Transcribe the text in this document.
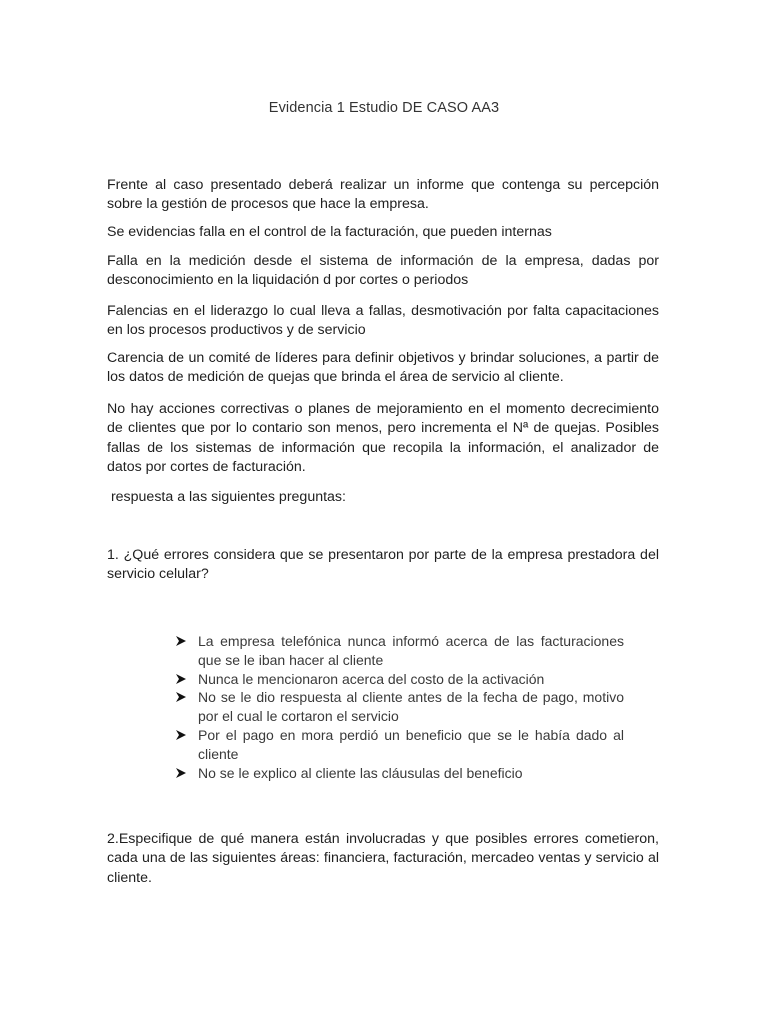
Evidencia 1 Estudio DE CASO AA3
Frente al caso presentado deberá realizar un informe que contenga su percepción sobre la gestión de procesos que hace la empresa.
Se evidencias falla en el control de la facturación, que pueden internas
Falla en la medición desde el sistema de información de la empresa, dadas por desconocimiento en la liquidación d por cortes o periodos
Falencias en el liderazgo lo cual lleva a fallas, desmotivación por falta capacitaciones en los procesos productivos y de servicio
Carencia de un comité de líderes para definir objetivos y brindar soluciones, a partir de los datos de medición de quejas que brinda el área de servicio al cliente.
No hay acciones correctivas o planes de mejoramiento en el momento decrecimiento de clientes que por lo contario son menos, pero incrementa el Nª de quejas. Posibles fallas de los sistemas de información que recopila la información, el analizador de datos por cortes de facturación.
respuesta a las siguientes preguntas:
1. ¿Qué errores considera que se presentaron por parte de la empresa prestadora del servicio celular?
La empresa telefónica nunca informó acerca de las facturaciones que se le iban hacer al cliente
Nunca le mencionaron acerca del costo de la activación
No se le dio respuesta al cliente antes de la fecha de pago, motivo por el cual le cortaron el servicio
Por el pago en mora perdió un beneficio que se le había dado al cliente
No se le explico al cliente las cláusulas del beneficio
2.Especifique de qué manera están involucradas y que posibles errores cometieron, cada una de las siguientes áreas: financiera, facturación, mercadeo ventas y servicio al cliente.
